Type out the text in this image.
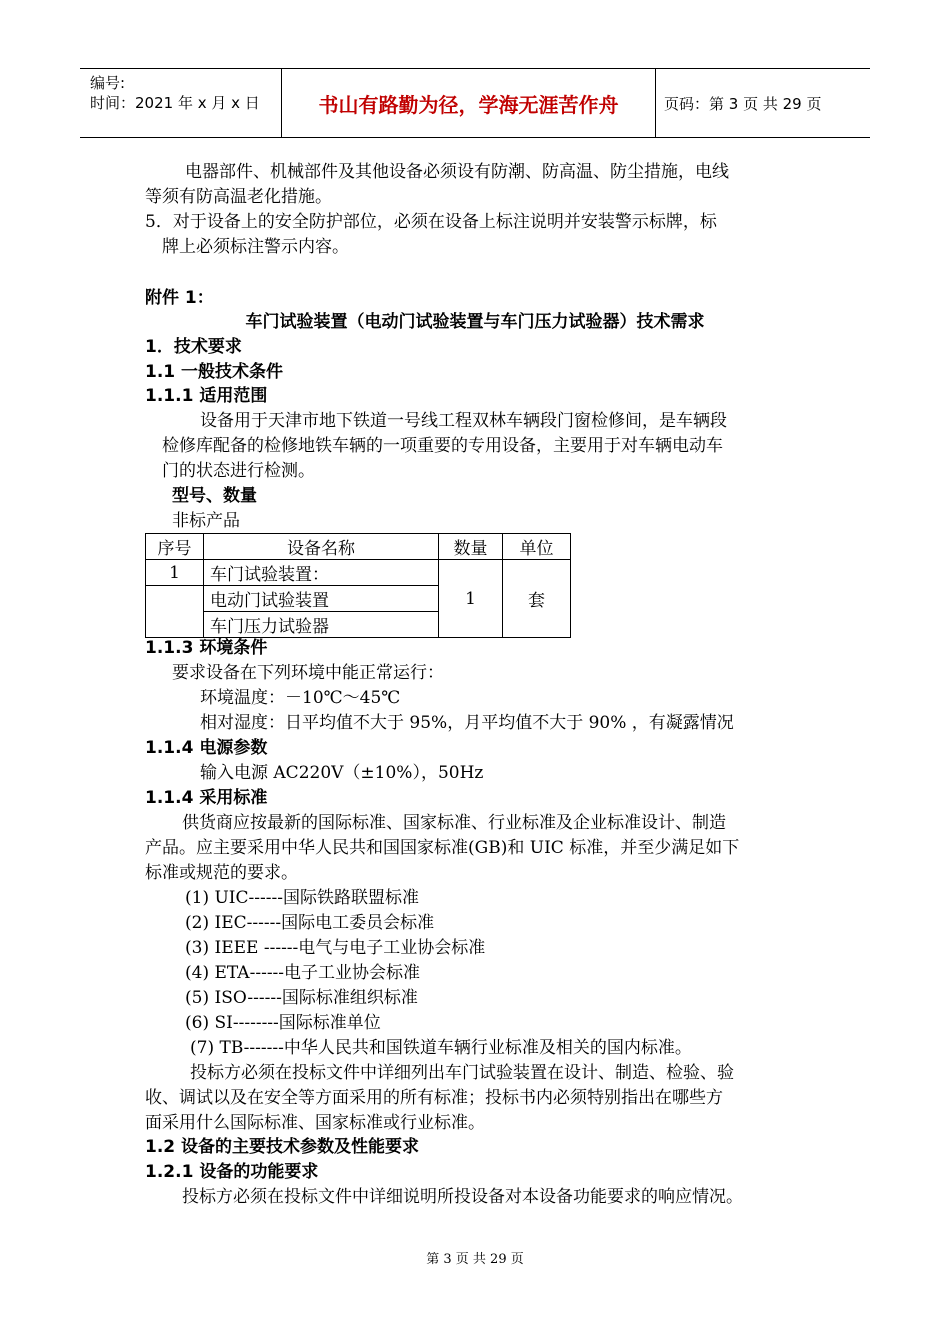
编号:
时间：2021 年 x 月 x 日	书山有路勤为径，学海无涯苦作舟	页码：第 3 页 共 29 页
电器部件、机械部件及其他设备必须设有防潮、防高温、防尘措施，电线
等须有防高温老化措施。
5．对于设备上的安全防护部位，必须在设备上标注说明并安装警示标牌，标
牌上必须标注警示内容。
附件 1：
车门试验装置（电动门试验装置与车门压力试验器）技术需求
1．技术要求
1.1 一般技术条件
1.1.1 适用范围
设备用于天津市地下铁道一号线工程双林车辆段门窗检修间，是车辆段
检修库配备的检修地铁车辆的一项重要的专用设备，主要用于对车辆电动车
门的状态进行检测。
型号、数量
非标产品
序号	设备名称	数量	单位
1	车门试验装置：	1	套
	电动门试验装置		
	车门压力试验器		
1.1.3 环境条件
要求设备在下列环境中能正常运行：
环境温度：－10℃～45℃
相对湿度：日平均值不大于 95%，月平均值不大于 90% ，有凝露情况
1.1.4 电源参数
输入电源 AC220V（±10%），50Hz
1.1.4 采用标准
供货商应按最新的国际标准、国家标准、行业标准及企业标准设计、制造
产品。应主要采用中华人民共和国国家标准(GB)和 UIC 标准，并至少满足如下
标准或规范的要求。
(1) UIC------国际铁路联盟标准
(2) IEC------国际电工委员会标准
(3) IEEE ------电气与电子工业协会标准
(4) ETA------电子工业协会标准
(5) ISO------国际标准组织标准
(6) SI--------国际标准单位
(7) TB-------中华人民共和国铁道车辆行业标准及相关的国内标准。
投标方必须在投标文件中详细列出车门试验装置在设计、制造、检验、验
收、调试以及在安全等方面采用的所有标准；投标书内必须特别指出在哪些方
面采用什么国际标准、国家标准或行业标准。
1.2 设备的主要技术参数及性能要求
1.2.1 设备的功能要求
投标方必须在投标文件中详细说明所投设备对本设备功能要求的响应情况。
第 3 页 共 29 页
